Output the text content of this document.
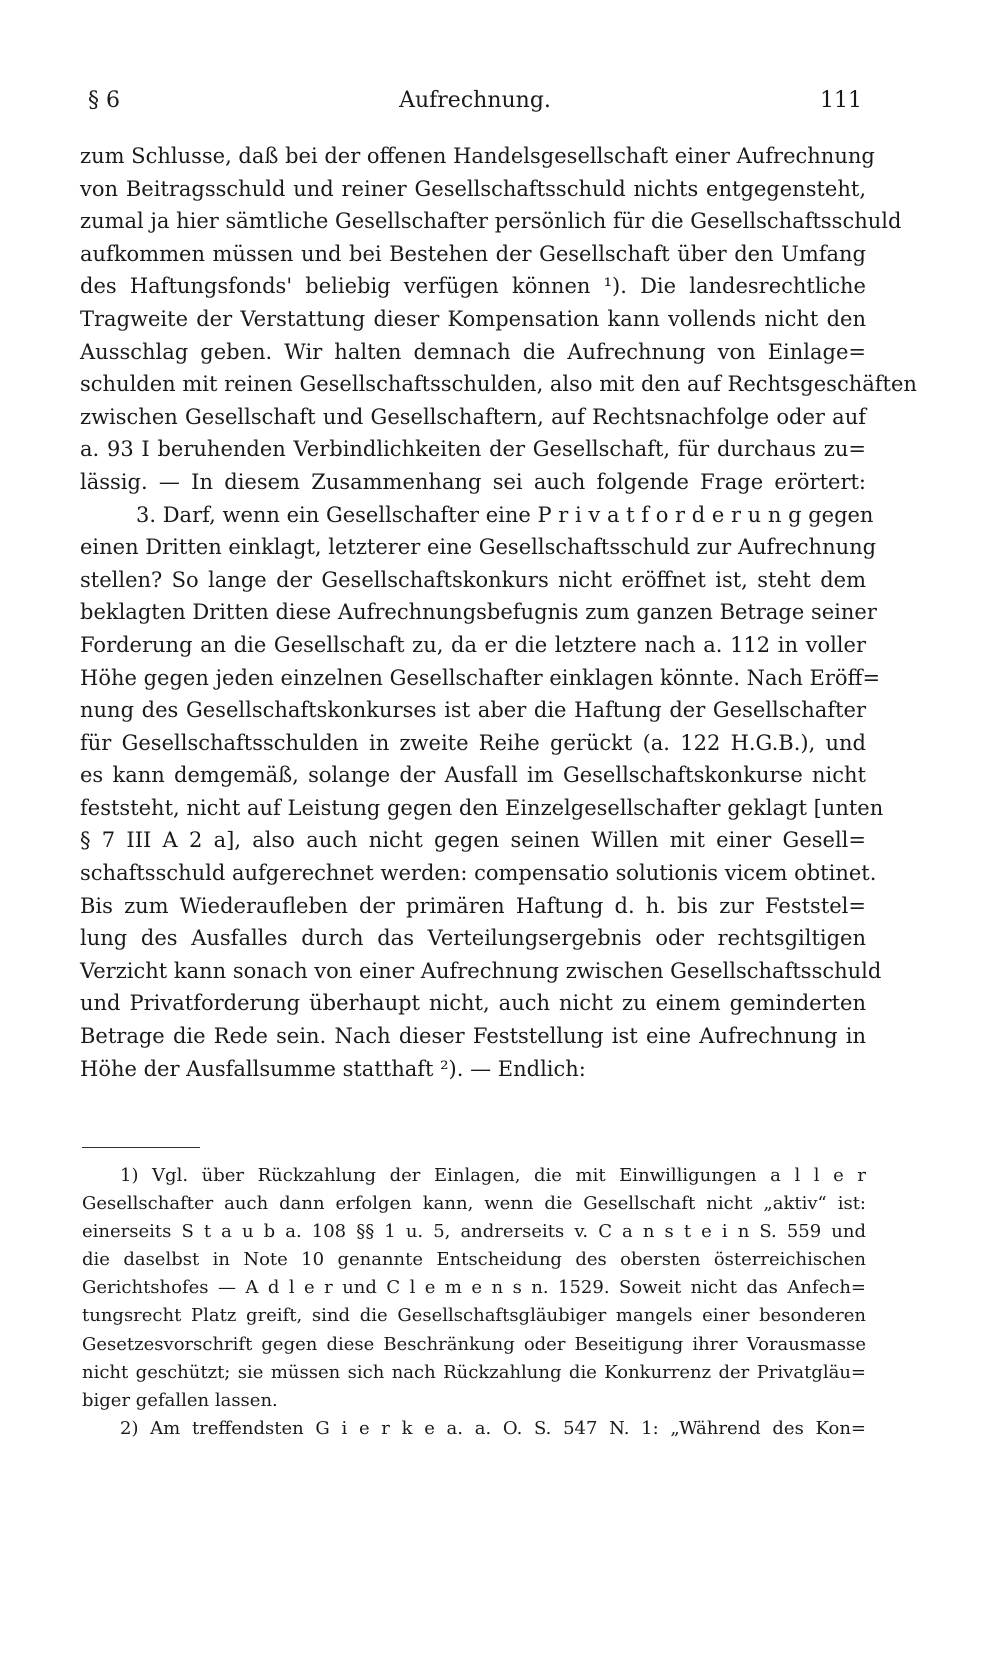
§ 6	Aufrechnung.	111
zum Schlusse, daß bei der offenen Handelsgesellschaft einer Aufrechnung
von Beitragsschuld und reiner Gesellschaftsschuld nichts entgegensteht,
zumal ja hier sämtliche Gesellschafter persönlich für die Gesellschaftsschuld
aufkommen müssen und bei Bestehen der Gesellschaft über den Umfang
des Haftungsfonds' beliebig verfügen können ¹). Die landesrechtliche
Tragweite der Verstattung dieser Kompensation kann vollends nicht den
Ausschlag geben. Wir halten demnach die Aufrechnung von Einlage=
schulden mit reinen Gesellschaftsschulden, also mit den auf Rechtsgeschäften
zwischen Gesellschaft und Gesellschaftern, auf Rechtsnachfolge oder auf
a. 93 I beruhenden Verbindlichkeiten der Gesellschaft, für durchaus zu=
lässig. — In diesem Zusammenhang sei auch folgende Frage erörtert:
3. Darf, wenn ein Gesellschafter eine P r i v a t f o r d e r u n g gegen
einen Dritten einklagt, letzterer eine Gesellschaftsschuld zur Aufrechnung
stellen? So lange der Gesellschaftskonkurs nicht eröffnet ist, steht dem
beklagten Dritten diese Aufrechnungsbefugnis zum ganzen Betrage seiner
Forderung an die Gesellschaft zu, da er die letztere nach a. 112 in voller
Höhe gegen jeden einzelnen Gesellschafter einklagen könnte. Nach Eröff=
nung des Gesellschaftskonkurses ist aber die Haftung der Gesellschafter
für Gesellschaftsschulden in zweite Reihe gerückt (a. 122 H.G.B.), und
es kann demgemäß, solange der Ausfall im Gesellschaftskonkurse nicht
feststeht, nicht auf Leistung gegen den Einzelgesellschafter geklagt [unten
§ 7 III A 2 a], also auch nicht gegen seinen Willen mit einer Gesell=
schaftsschuld aufgerechnet werden: compensatio solutionis vicem obtinet.
Bis zum Wiederaufleben der primären Haftung d. h. bis zur Feststel=
lung des Ausfalles durch das Verteilungsergebnis oder rechtsgiltigen
Verzicht kann sonach von einer Aufrechnung zwischen Gesellschaftsschuld
und Privatforderung überhaupt nicht, auch nicht zu einem geminderten
Betrage die Rede sein. Nach dieser Feststellung ist eine Aufrechnung in
Höhe der Ausfallsumme statthaft ²). — Endlich:
1) Vgl. über Rückzahlung der Einlagen, die mit Einwilligungen a l l e r
Gesellschafter auch dann erfolgen kann, wenn die Gesellschaft nicht „aktiv“ ist:
einerseits S t a u b a. 108 §§ 1 u. 5, andrerseits v. C a n s t e i n S. 559 und
die daselbst in Note 10 genannte Entscheidung des obersten österreichischen
Gerichtshofes — A d l e r und C l e m e n s n. 1529. Soweit nicht das Anfech=
tungsrecht Platz greift, sind die Gesellschaftsgläubiger mangels einer besonderen
Gesetzesvorschrift gegen diese Beschränkung oder Beseitigung ihrer Vorausmasse
nicht geschützt; sie müssen sich nach Rückzahlung die Konkurrenz der Privatgläu=
biger gefallen lassen.
2) Am treffendsten G i e r k e a. a. O. S. 547 N. 1: „Während des Kon=
